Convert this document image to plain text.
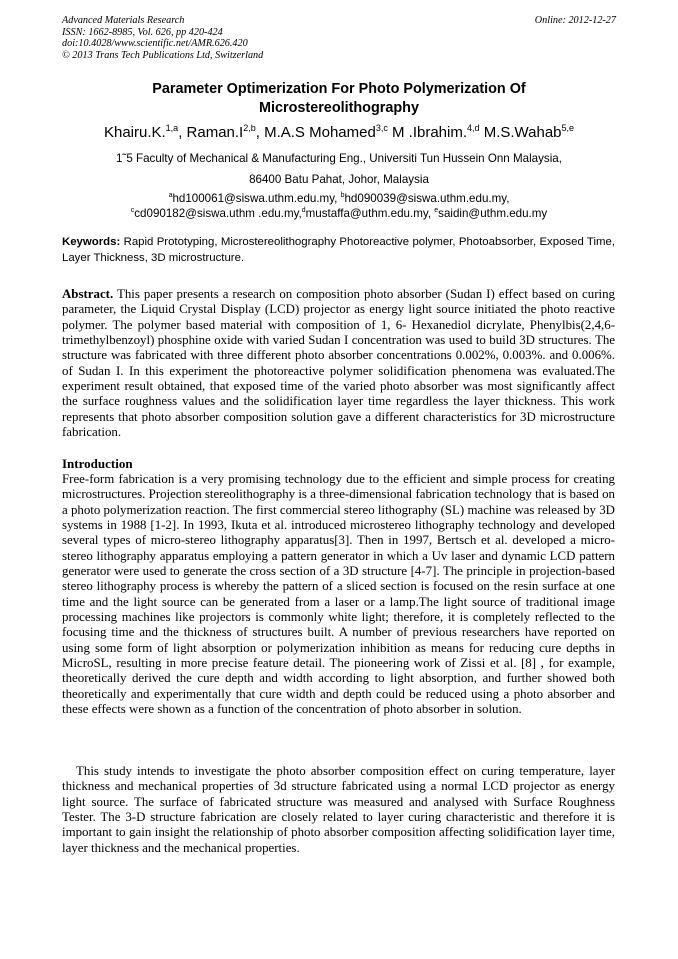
Advanced Materials Research
ISSN: 1662-8985, Vol. 626, pp 420-424
doi:10.4028/www.scientific.net/AMR.626.420
© 2013 Trans Tech Publications Ltd, Switzerland
Online: 2012-12-27
Parameter Optimerization For Photo Polymerization Of
Microstereolithography
Khairu.K.$^{1,a}$, $Raman.I^{2,b}$, M.A.S Mohamed$^{3,c}$ M .Ibrahim.$^{4,d}$ M.S.Wahab$^{5,e}$
1˜5 Faculty of Mechanical & Manufacturing Eng., Universiti Tun Hussein Onn Malaysia,
86400 Batu Pahat, Johor, Malaysia
$^a$hd100061@siswa.uthm.edu.my, $^b$hd090039@siswa.uthm.edu.my,
$^c$cd090182@siswa.uthm .edu.my,$^d$mustaffa@uthm.edu.my, $^e$saidin@uthm.edu.my
Keywords: Rapid Prototyping, Microstereolithography Photoreactive polymer, Photoabsorber, Exposed Time, Layer Thickness, 3D microstructure.
Abstract. This paper presents a research on composition photo absorber (Sudan I) effect based on curing parameter, the Liquid Crystal Display (LCD) projector as energy light source initiated the photo reactive polymer. The polymer based material with composition of 1, 6- Hexanediol dicrylate, Phenylbis(2,4,6-trimethylbenzoyl) phosphine oxide with varied Sudan I concentration was used to build 3D structures. The structure was fabricated with three different photo absorber concentrations 0.002%, 0.003%. and 0.006%. of Sudan I. In this experiment the photoreactive polymer solidification phenomena was evaluated.The experiment result obtained, that exposed time of the varied photo absorber was most significantly affect the surface roughness values and the solidification layer time regardless the layer thickness. This work represents that photo absorber composition solution gave a different characteristics for 3D microstructure fabrication.
Introduction
Free-form fabrication is a very promising technology due to the efficient and simple process for creating microstructures. Projection stereolithography is a three-dimensional fabrication technology that is based on a photo polymerization reaction. The first commercial stereo lithography (SL) machine was released by 3D systems in 1988 [1-2]. In 1993, Ikuta et al. introduced microstereo lithography technology and developed several types of micro-stereo lithography apparatus[3]. Then in 1997, Bertsch et al. developed a micro-stereo lithography apparatus employing a pattern generator in which a Uv laser and dynamic LCD pattern generator were used to generate the cross section of a 3D structure [4-7]. The principle in projection-based stereo lithography process is whereby the pattern of a sliced section is focused on the resin surface at one time and the light source can be generated from a laser or a lamp.The light source of traditional image processing machines like projectors is commonly white light; therefore, it is completely reflected to the focusing time and the thickness of structures built. A number of previous researchers have reported on using some form of light absorption or polymerization inhibition as means for reducing cure depths in MicroSL, resulting in more precise feature detail. The pioneering work of Zissi et al. [8] , for example, theoretically derived the cure depth and width according to light absorption, and further showed both theoretically and experimentally that cure width and depth could be reduced using a photo absorber and these effects were shown as a function of the concentration of photo absorber in solution.
This study intends to investigate the photo absorber composition effect on curing temperature, layer thickness and mechanical properties of 3d structure fabricated using a normal LCD projector as energy light source. The surface of fabricated structure was measured and analysed with Surface Roughness Tester. The 3-D structure fabrication are closely related to layer curing characteristic and therefore it is important to gain insight the relationship of photo absorber composition affecting solidification layer time, layer thickness and the mechanical properties.
